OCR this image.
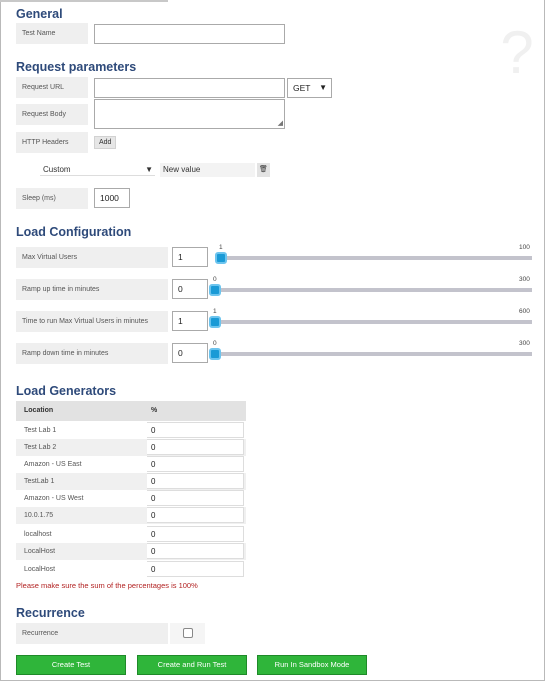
?
General
Test Name
Request parameters
Request URL	GET ▼
Request Body
◢
HTTP Headers	Add
Custom	▼	New value	🗑
Sleep (ms)	1000
Load Configuration
Max Virtual Users	1
1	100
Ramp up time in minutes	0
0	300
Time to run Max Virtual Users in minutes	1
1	600
Ramp down time in minutes	0
0	300
Load Generators
Location	%
Test Lab 1	0
Test Lab 2	0
Amazon - US East	0
TestLab 1	0
Amazon - US West	0
10.0.1.75	0
localhost	0
LocalHost	0
LocalHost	0
Please make sure the sum of the percentages is 100%
Recurrence
Recurrence
Create Test	Create and Run Test	Run In Sandbox Mode
